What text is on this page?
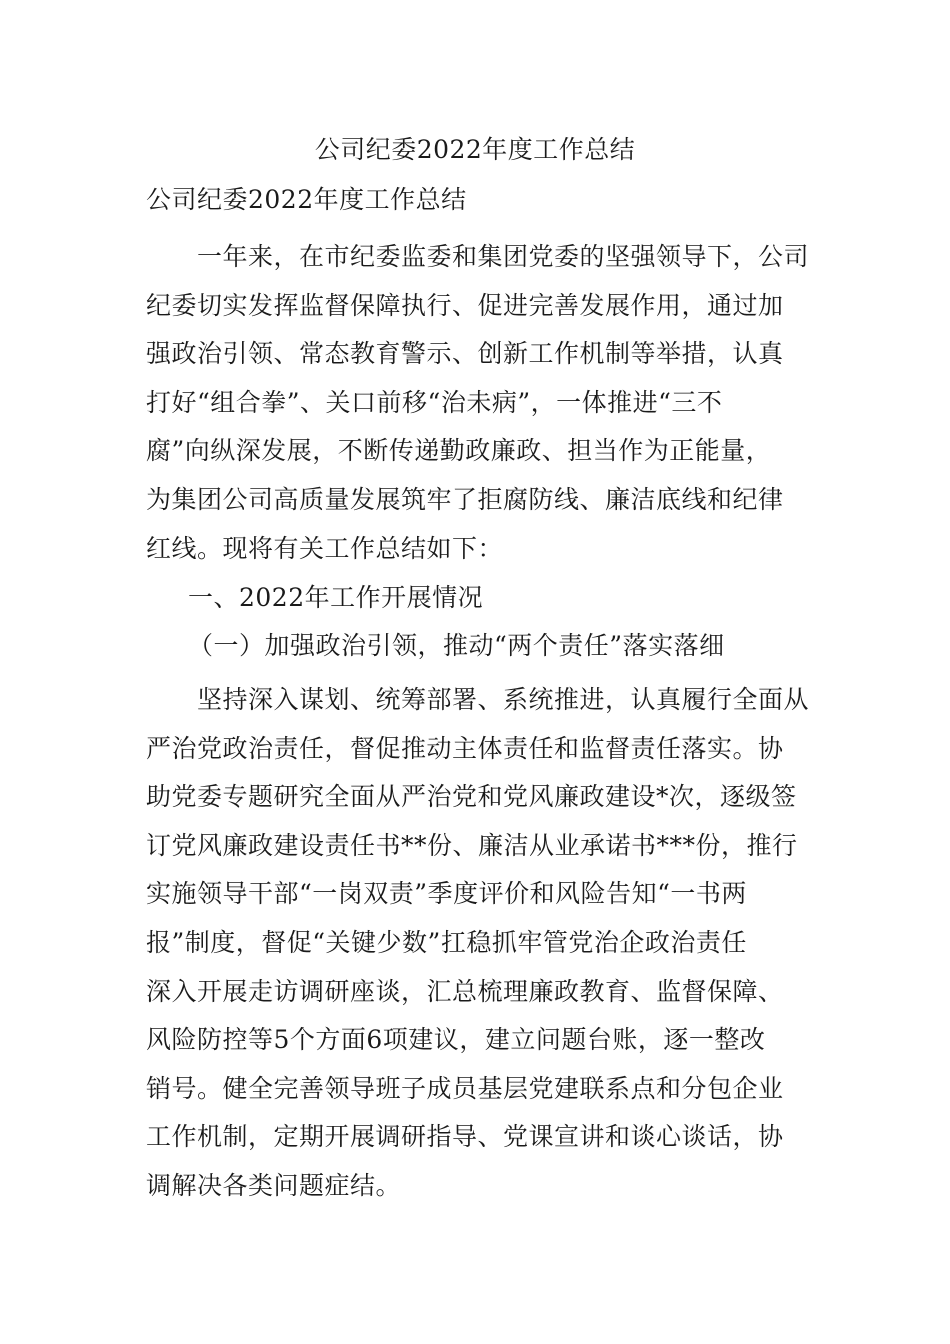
公司纪委2022年度工作总结
公司纪委2022年度工作总结
　　一年来，在市纪委监委和集团党委的坚强领导下，公司
纪委切实发挥监督保障执行、促进完善发展作用，通过加
强政治引领、常态教育警示、创新工作机制等举措，认真
打好“组合拳”、关口前移“治未病”，一体推进“三不
腐”向纵深发展，不断传递勤政廉政、担当作为正能量，
为集团公司高质量发展筑牢了拒腐防线、廉洁底线和纪律
红线。现将有关工作总结如下：
一、2022年工作开展情况
（一）加强政治引领，推动“两个责任”落实落细
　　坚持深入谋划、统筹部署、系统推进，认真履行全面从
严治党政治责任，督促推动主体责任和监督责任落实。协
助党委专题研究全面从严治党和党风廉政建设*次，逐级签
订党风廉政建设责任书**份、廉洁从业承诺书***份，推行
实施领导干部“一岗双责”季度评价和风险告知“一书两
报”制度，督促“关键少数”扛稳抓牢管党治企政治责任
深入开展走访调研座谈，汇总梳理廉政教育、监督保障、
风险防控等5个方面6项建议，建立问题台账，逐一整改
销号。健全完善领导班子成员基层党建联系点和分包企业
工作机制，定期开展调研指导、党课宣讲和谈心谈话，协
调解决各类问题症结。
